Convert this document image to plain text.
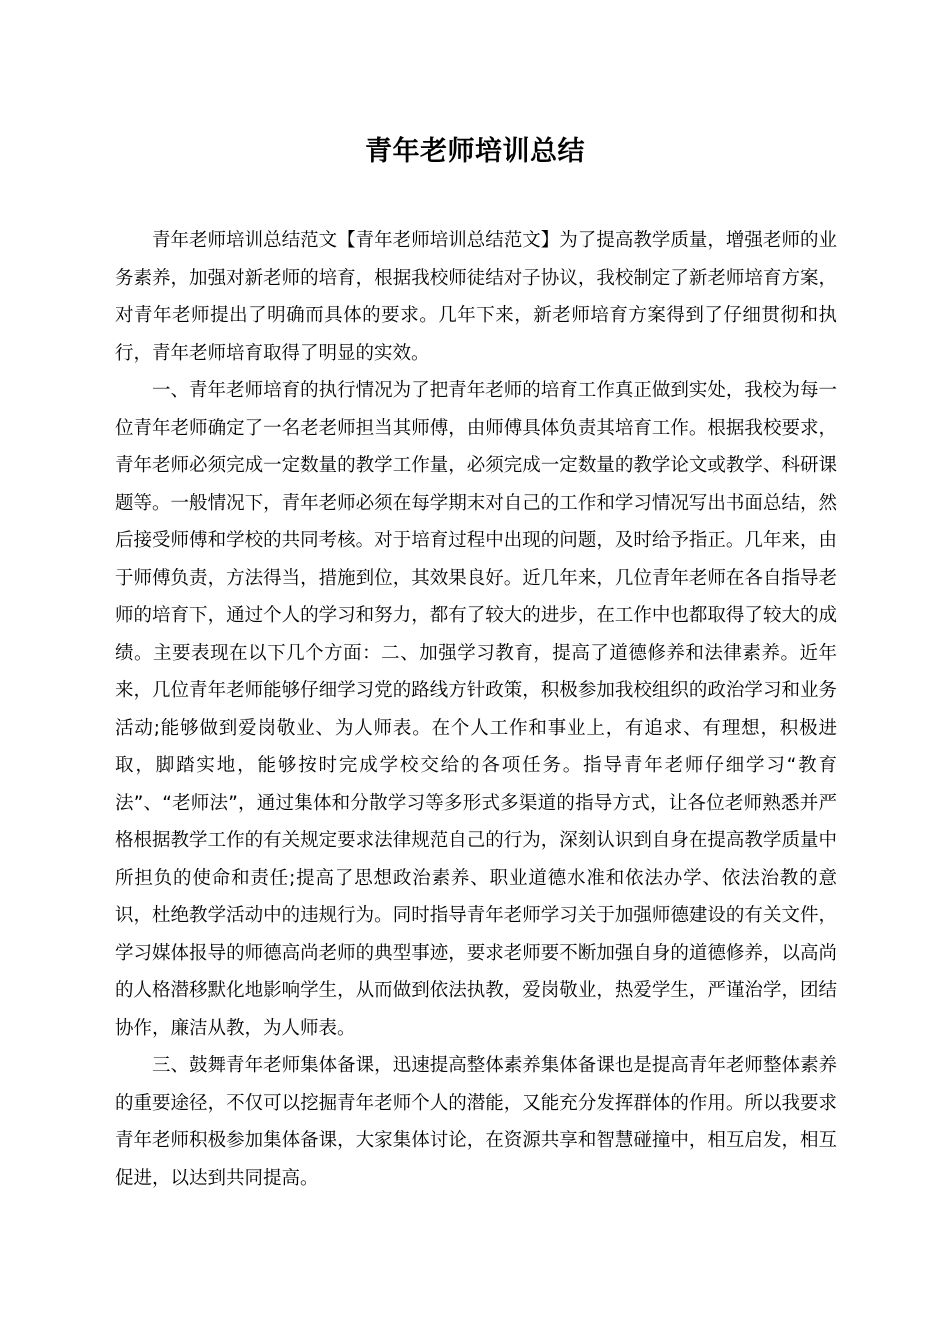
青年老师培训总结

青年老师培训总结范文【青年老师培训总结范文】为了提高教学质量，增强老师的业务素养，加强对新老师的培育，根据我校师徒结对子协议，我校制定了新老师培育方案，对青年老师提出了明确而具体的要求。几年下来，新老师培育方案得到了仔细贯彻和执行，青年老师培育取得了明显的实效。

一、青年老师培育的执行情况为了把青年老师的培育工作真正做到实处，我校为每一位青年老师确定了一名老老师担当其师傅，由师傅具体负责其培育工作。根据我校要求，青年老师必须完成一定数量的教学工作量，必须完成一定数量的教学论文或教学、科研课题等。一般情况下，青年老师必须在每学期末对自己的工作和学习情况写出书面总结，然后接受师傅和学校的共同考核。对于培育过程中出现的问题，及时给予指正。几年来，由于师傅负责，方法得当，措施到位，其效果良好。近几年来，几位青年老师在各自指导老师的培育下，通过个人的学习和努力，都有了较大的进步，在工作中也都取得了较大的成绩。主要表现在以下几个方面：二、加强学习教育，提高了道德修养和法律素养。近年来，几位青年老师能够仔细学习党的路线方针政策，积极参加我校组织的政治学习和业务活动;能够做到爱岗敬业、为人师表。在个人工作和事业上，有追求、有理想，积极进取，脚踏实地，能够按时完成学校交给的各项任务。指导青年老师仔细学习“教育法”、“老师法”，通过集体和分散学习等多形式多渠道的指导方式，让各位老师熟悉并严格根据教学工作的有关规定要求法律规范自己的行为，深刻认识到自身在提高教学质量中所担负的使命和责任;提高了思想政治素养、职业道德水准和依法办学、依法治教的意识，杜绝教学活动中的违规行为。同时指导青年老师学习关于加强师德建设的有关文件，学习媒体报导的师德高尚老师的典型事迹，要求老师要不断加强自身的道德修养，以高尚的人格潜移默化地影响学生，从而做到依法执教，爱岗敬业，热爱学生，严谨治学，团结协作，廉洁从教，为人师表。

三、鼓舞青年老师集体备课，迅速提高整体素养集体备课也是提高青年老师整体素养的重要途径，不仅可以挖掘青年老师个人的潜能，又能充分发挥群体的作用。所以我要求青年老师积极参加集体备课，大家集体讨论，在资源共享和智慧碰撞中，相互启发，相互促进，以达到共同提高。
